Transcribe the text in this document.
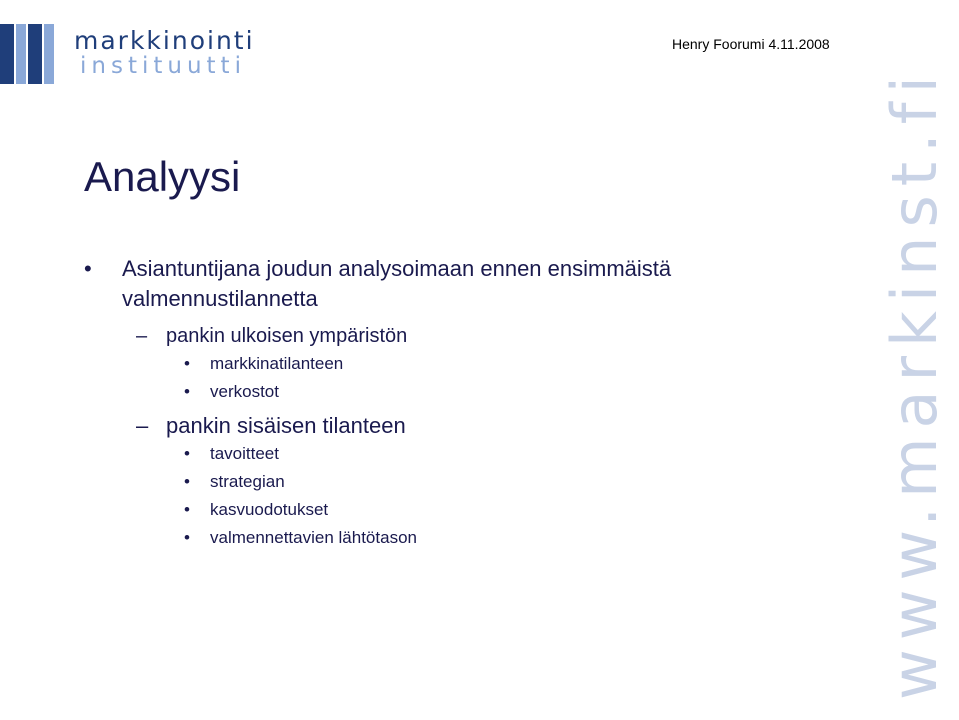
markkinointi
instituutti
Henry Foorumi 4.11.2008
www.markinst.fi
Analyysi
• Asiantuntijana joudun analysoimaan ennen ensimmäistä valmennustilannetta
– pankin ulkoisen ympäristön
• markkinatilanteen
• verkostot
– pankin sisäisen tilanteen
• tavoitteet
• strategian
• kasvuodotukset
• valmennettavien lähtötason
